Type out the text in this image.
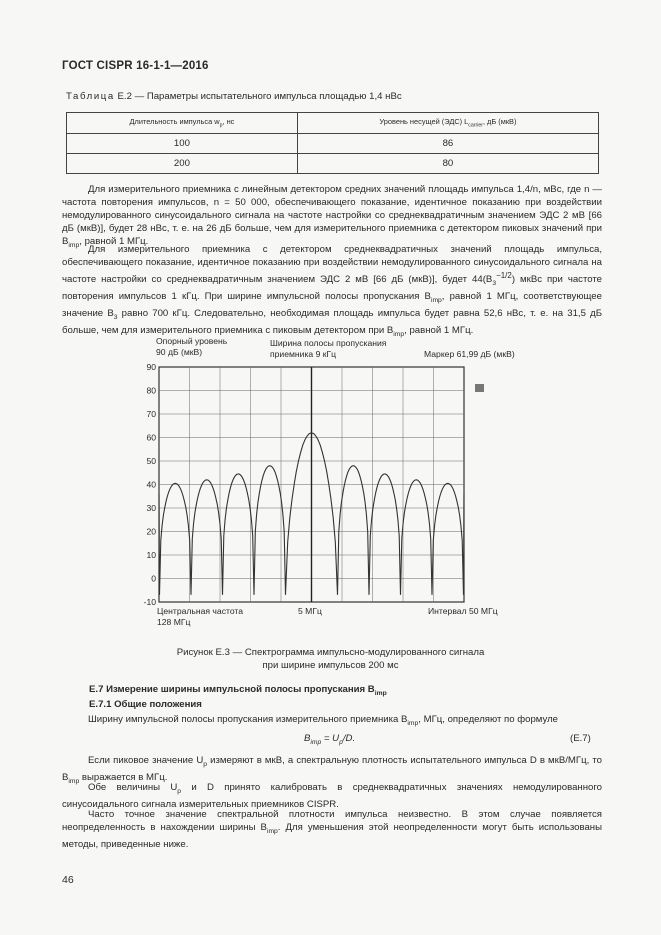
ГОСТ CISPR 16-1-1—2016
Таблица Е.2 — Параметры испытательного импульса площадью 1,4 нВс
Длительность импульса $w_p$, нс	Уровень несущей (ЭДС) $L_{carrier}$, дБ (мкВ)
100	86
200	80

Для измерительного приемника с линейным детектором средних значений площадь импульса 1,4/n, мВс, где n — частота повторения импульсов, n = 50 000, обеспечивающего показание, идентичное показанию при воздействии немодулированного синусоидального сигнала на частоте настройки со среднеквадратичным значением ЭДС 2 мВ [66 дБ (мкВ)], будет 28 нВс, т. е. на 26 дБ больше, чем для измерительного приемника с детектором пиковых значений при $B_{imp}$, равной 1 МГц.

Для измерительного приемника с детектором среднеквадратичных значений площадь импульса, обеспечивающего показание, идентичное показанию при воздействии немодулированного синусоидального сигнала на частоте настройки со среднеквадратичным значением ЭДС 2 мВ [66 дБ (мкВ)], будет $44(B_3^{-1/2})$ мкВс при частоте повторения импульсов 1 кГц. При ширине импульсной полосы пропускания $B_{imp}$, равной 1 МГц, соответствующее значение $B_3$ равно 700 кГц. Следовательно, необходимая площадь импульса будет равна 52,6 нВс, т. е. на 31,5 дБ больше, чем для измерительного приемника с пиковым детектором при $B_{imp}$, равной 1 МГц.

Опорный уровень
90 дБ (мкВ)
Ширина полосы пропускания
приемника 9 кГц	Маркер 61,99 дБ (мкВ)
90
80
70
60
50
40
30
20
10
0
-10
Центральная частота
128 МГц
5 МГц	Интервал 50 МГц
Рисунок Е.3 — Спектрограмма импульсно-модулированного сигнала
при ширине импульсов 200 мс
Е.7 Измерение ширины импульсной полосы пропускания $B_{imp}$
Е.7.1 Общие положения

Ширину импульсной полосы пропускания измерительного приемника $B_{imp}$, МГц, определяют по формуле

$B_{imp} = U_p/D$.	(Е.7)

Если пиковое значение $U_p$ измеряют в мкВ, а спектральную плотность испытательного импульса D в мкВ/МГц, то $B_{imp}$ выражается в МГц.

Обе величины $U_p$ и D принято калибровать в среднеквадратичных значениях немодулированного синусоидального сигнала измерительных приемников CISPR.

Часто точное значение спектральной плотности импульса неизвестно. В этом случае появляется неопределенность в нахождении ширины $B_{imp}$. Для уменьшения этой неопределенности могут быть использованы методы, приведенные ниже.

46
